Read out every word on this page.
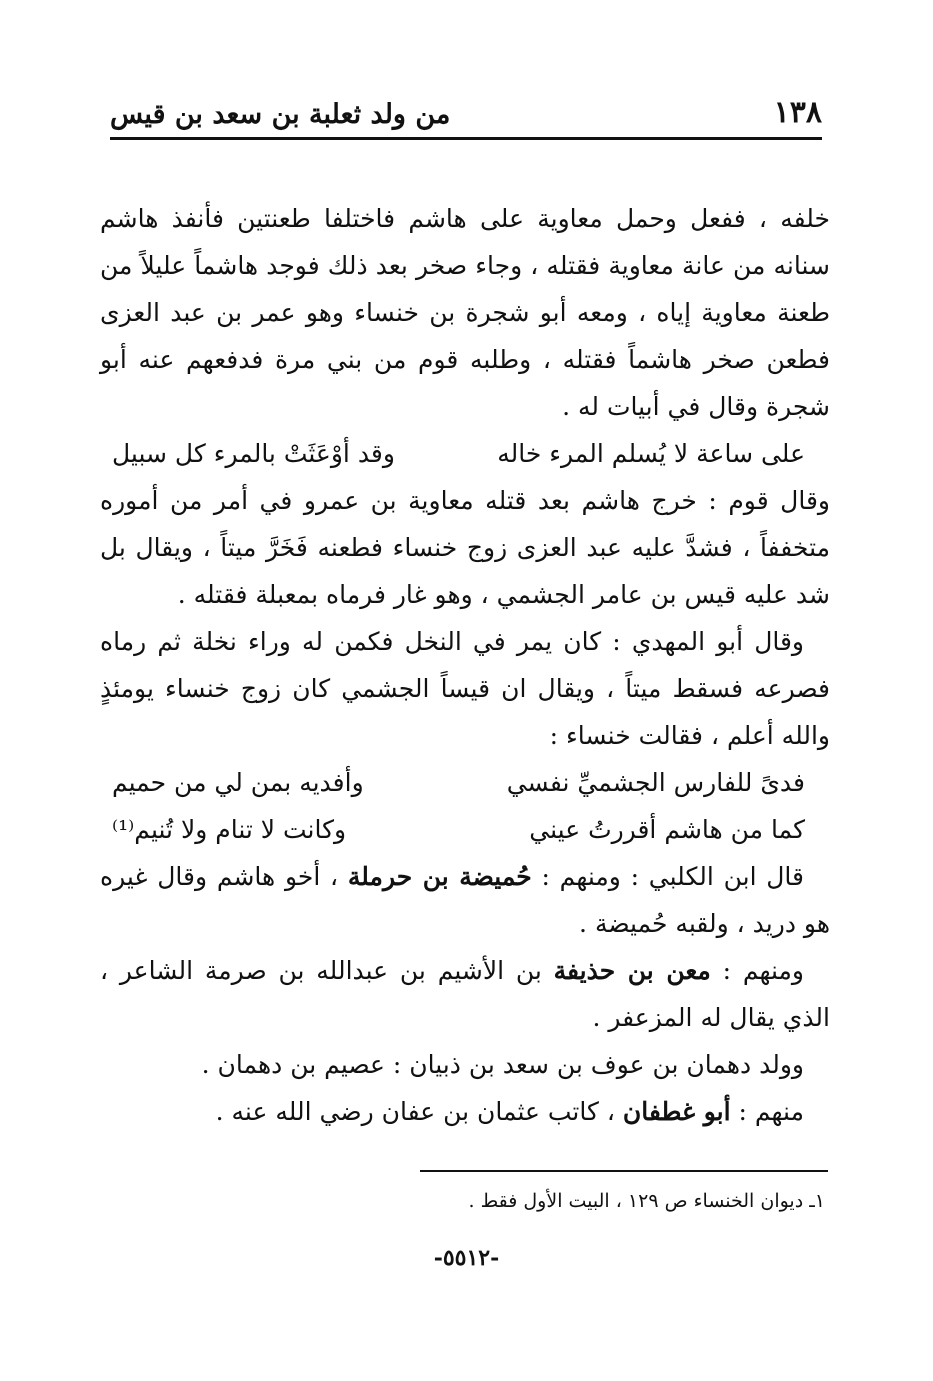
١٣٨
من ولد ثعلبة بن سعد بن قيس

خلفه ، ففعل وحمل معاوية على هاشم فاختلفا طعنتين فأنفذ هاشم سنانه من عانة معاوية فقتله ، وجاء صخر بعد ذلك فوجد هاشماً عليلاً من طعنة معاوية إياه ، ومعه أبو شجرة بن خنساء وهو عمر بن عبد العزى فطعن صخر هاشماً فقتله ، وطلبه قوم من بني مرة فدفعهم عنه أبو شجرة وقال في أبيات له .

على ساعة لا يُسلم المرء خاله
وقد أوْعَثَتْ بالمرء كل سبيل

وقال قوم : خرج هاشم بعد قتله معاوية بن عمرو في أمر من أموره متخففاً ، فشدَّ عليه عبد العزى زوج خنساء فطعنه فَخَرَّ ميتاً ، ويقال بل شد عليه قيس بن عامر الجشمي ، وهو غار فرماه بمعبلة فقتله .

وقال أبو المهدي : كان يمر في النخل فكمن له وراء نخلة ثم رماه فصرعه فسقط ميتاً ، ويقال ان قيساً الجشمي كان زوج خنساء يومئذٍ والله أعلم ، فقالت خنساء :

فدىً للفارس الجشميِّ نفسي
وأفديه بمن لي من حميم
كما من هاشم أقررتُ عيني
وكانت لا تنام ولا تُنيم⁽¹⁾

قال ابن الكلبي : ومنهم : حُميضة بن حرملة ، أخو هاشم وقال غيره هو دريد ، ولقبه حُميضة .

ومنهم : معن بن حذيفة بن الأشيم بن عبدالله بن صرمة الشاعر ، الذي يقال له المزعفر .

وولد دهمان بن عوف بن سعد بن ذبيان : عصيم بن دهمان .

منهم : أبو غطفان ، كاتب عثمان بن عفان رضي الله عنه .

١ـ ديوان الخنساء ص ١٢٩ ، البيت الأول فقط .
-٥٥١٢-
